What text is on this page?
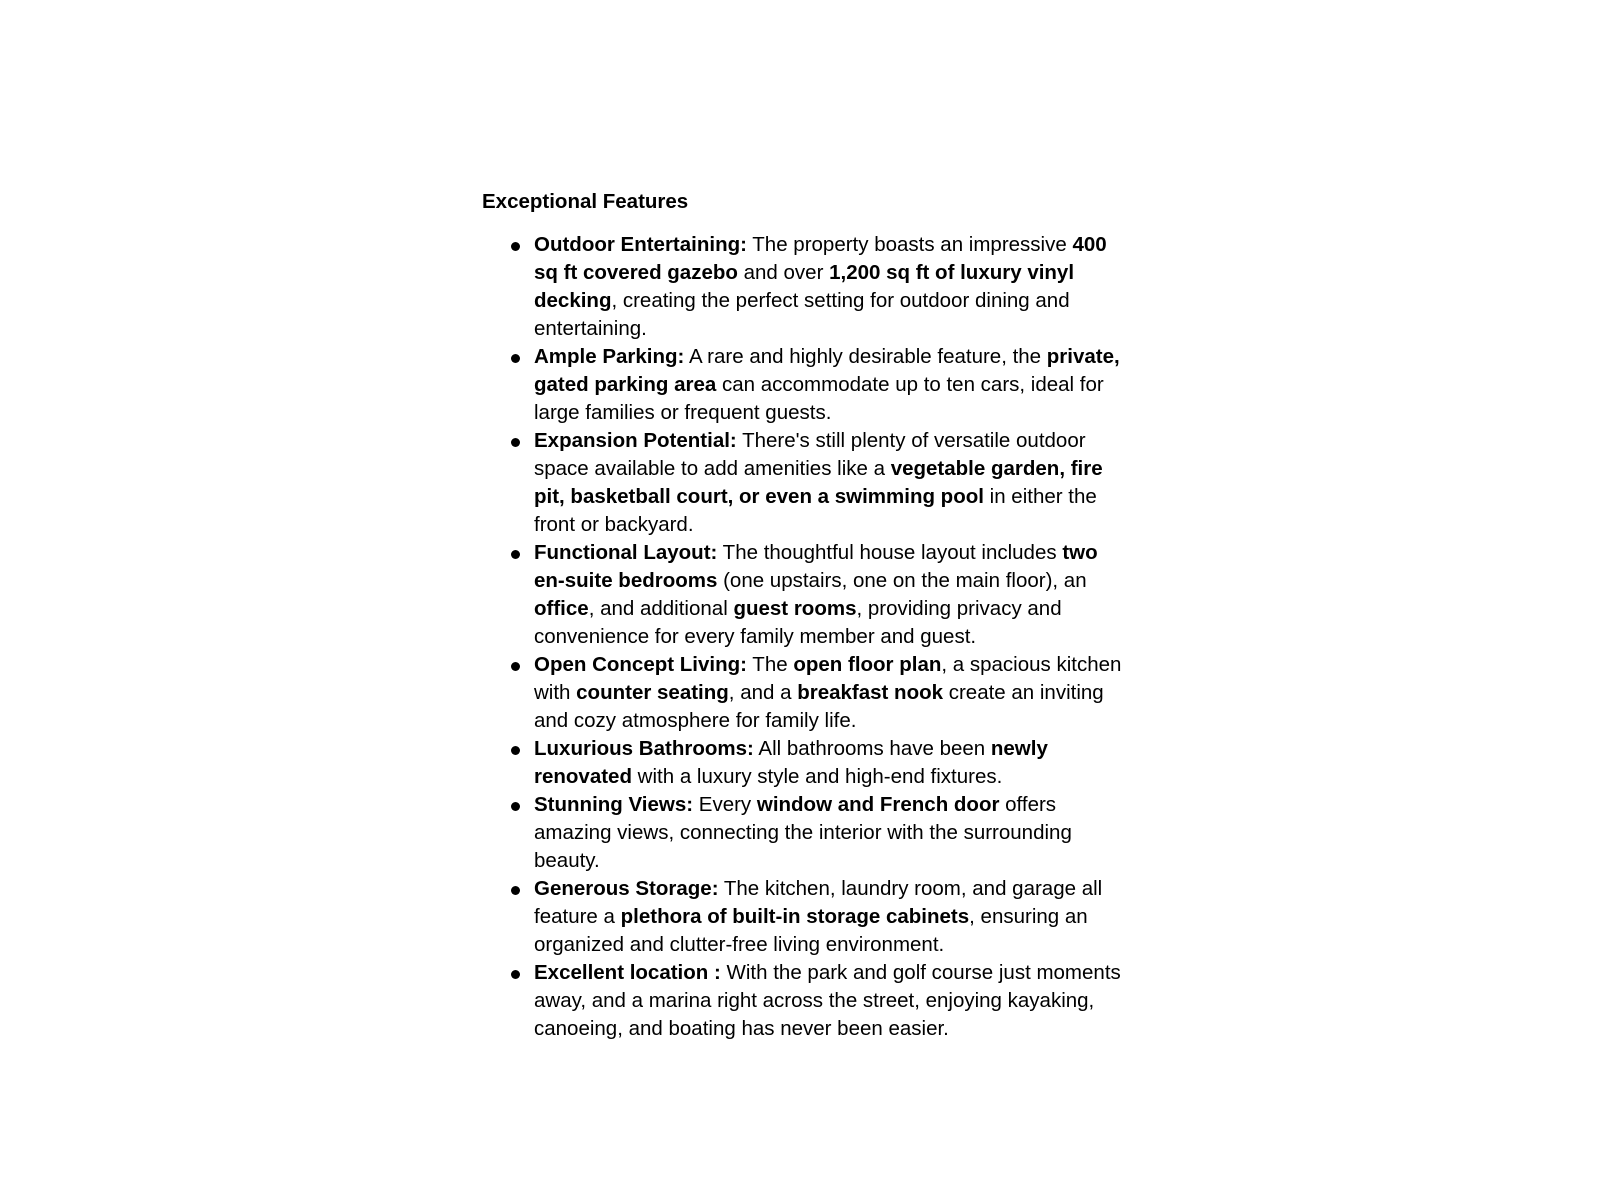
Exceptional Features
Outdoor Entertaining: The property boasts an impressive 400 sq ft covered gazebo and over 1,200 sq ft of luxury vinyl decking, creating the perfect setting for outdoor dining and entertaining.
Ample Parking: A rare and highly desirable feature, the private, gated parking area can accommodate up to ten cars, ideal for large families or frequent guests.
Expansion Potential: There's still plenty of versatile outdoor space available to add amenities like a vegetable garden, fire pit, basketball court, or even a swimming pool in either the front or backyard.
Functional Layout: The thoughtful house layout includes two en-suite bedrooms (one upstairs, one on the main floor), an office, and additional guest rooms, providing privacy and convenience for every family member and guest.
Open Concept Living: The open floor plan, a spacious kitchen with counter seating, and a breakfast nook create an inviting and cozy atmosphere for family life.
Luxurious Bathrooms: All bathrooms have been newly renovated with a luxury style and high-end fixtures.
Stunning Views: Every window and French door offers amazing views, connecting the interior with the surrounding beauty.
Generous Storage: The kitchen, laundry room, and garage all feature a plethora of built-in storage cabinets, ensuring an organized and clutter-free living environment.
Excellent location : With the park and golf course just moments away, and a marina right across the street, enjoying kayaking, canoeing, and boating has never been easier.
